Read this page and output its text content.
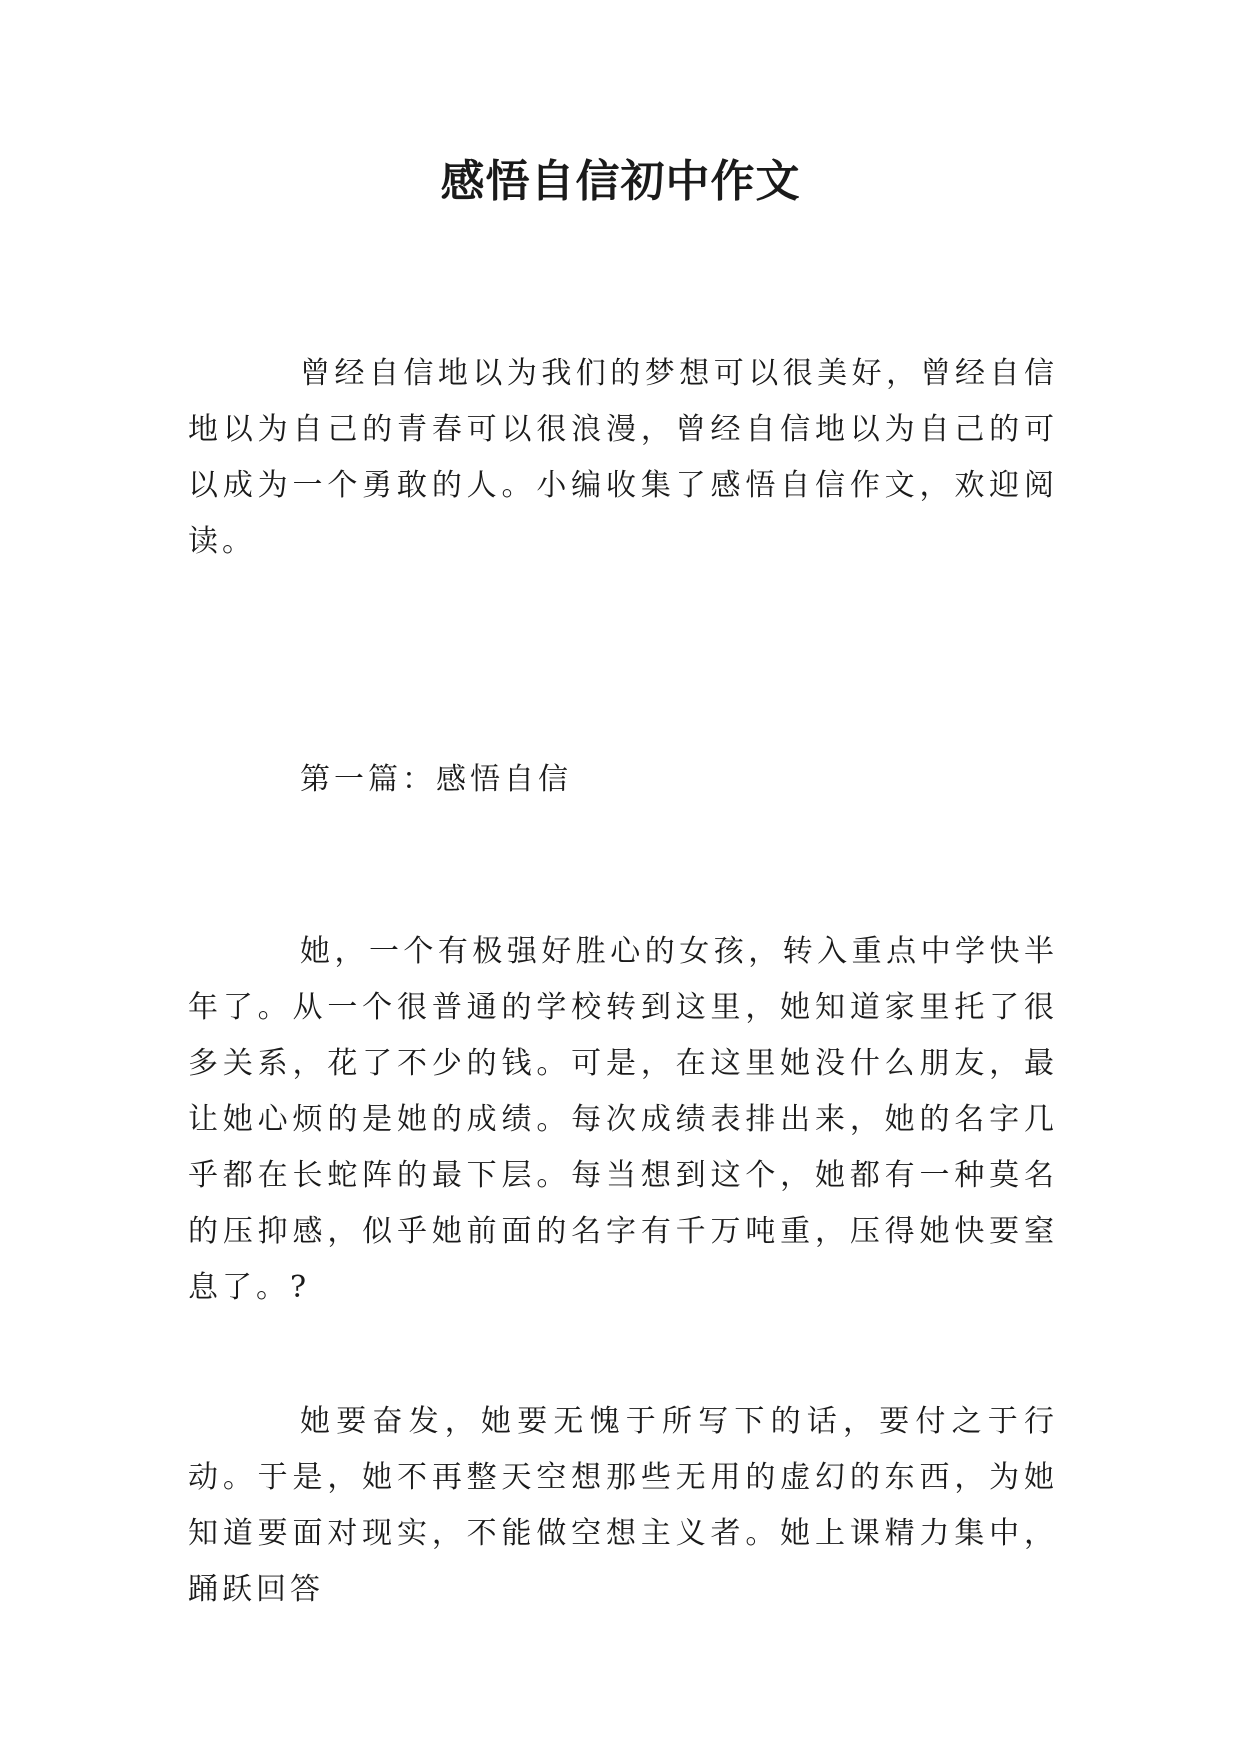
感悟自信初中作文

曾经自信地以为我们的梦想可以很美好，曾经自信地以为自己的青春可以很浪漫，曾经自信地以为自己的可以成为一个勇敢的人。小编收集了感悟自信作文，欢迎阅读。

第一篇：感悟自信

她，一个有极强好胜心的女孩，转入重点中学快半年了。从一个很普通的学校转到这里，她知道家里托了很多关系，花了不少的钱。可是，在这里她没什么朋友，最让她心烦的是她的成绩。每次成绩表排出来，她的名字几乎都在长蛇阵的最下层。每当想到这个，她都有一种莫名的压抑感，似乎她前面的名字有千万吨重，压得她快要窒息了。?

她要奋发，她要无愧于所写下的话，要付之于行动。于是，她不再整天空想那些无用的虚幻的东西，为她知道要面对现实，不能做空想主义者。她上课精力集中，踊跃回答
